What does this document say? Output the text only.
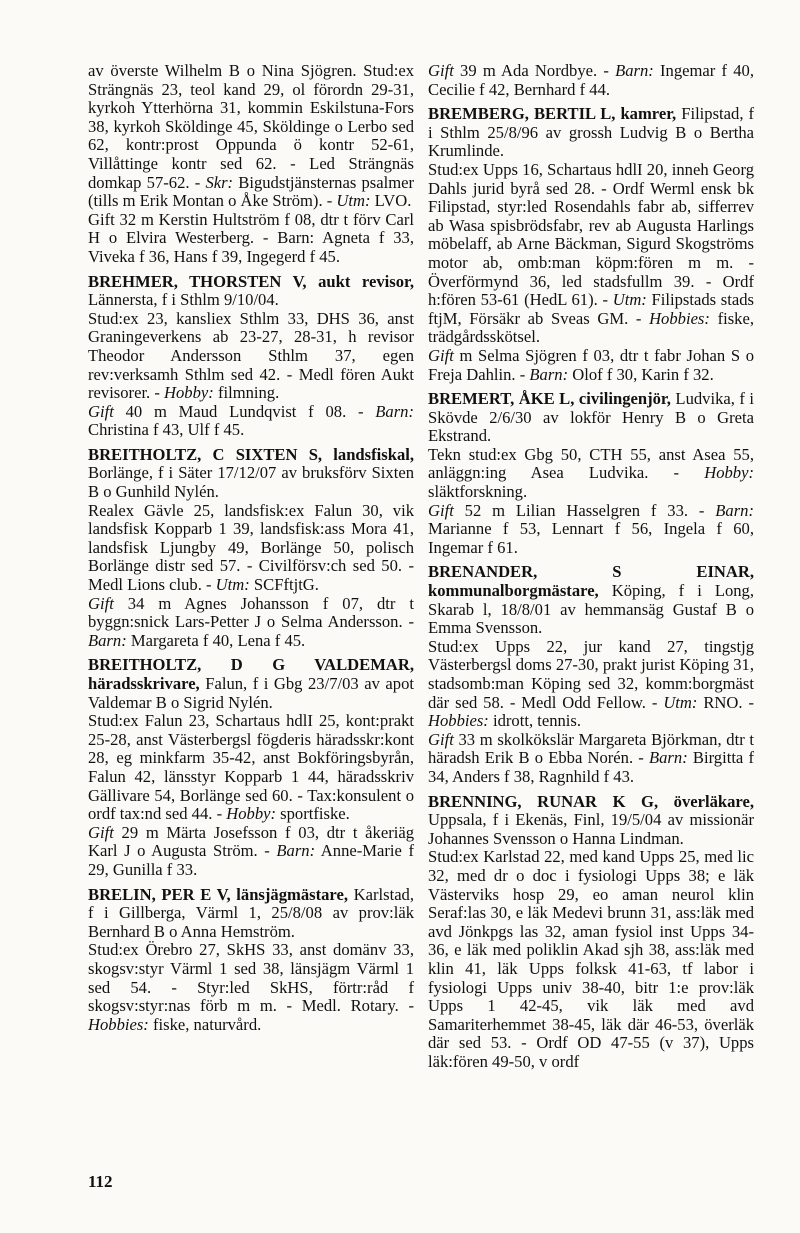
av överste Wilhelm B o Nina Sjögren. Stud:ex Strängnäs 23, teol kand 29, ol förordn 29-31, kyrkoh Ytterhörna 31, kommin Eskilstuna-Fors 38, kyrkoh Sköldinge 45, Sköldinge o Lerbo sed 62, kontr:prost Oppunda ö kontr 52-61, Villåttinge kontr sed 62. - Led Strängnäs domkap 57-62. - Skr: Bigudstjänsternas psalmer (tills m Erik Montan o Åke Ström). - Utm: LVO.

Gift 32 m Kerstin Hultström f 08, dtr t förv Carl H o Elvira Westerberg. - Barn: Agneta f 33, Viveka f 36, Hans f 39, Ingegerd f 45.

BREHMER, THORSTEN V, aukt revisor, Lännersta, f i Sthlm 9/10/04.

Stud:ex 23, kansliex Sthlm 33, DHS 36, anst Graningeverkens ab 23-27, 28-31, h revisor Theodor Andersson Sthlm 37, egen rev:verksamh Sthlm sed 42. - Medl fören Aukt revisorer. - Hobby: filmning.

Gift 40 m Maud Lundqvist f 08. - Barn: Christina f 43, Ulf f 45.

BREITHOLTZ, C SIXTEN S, landsfiskal, Borlänge, f i Säter 17/12/07 av bruksförv Sixten B o Gunhild Nylén.

Realex Gävle 25, landsfisk:ex Falun 30, vik landsfisk Kopparb 1 39, landsfisk:ass Mora 41, landsfisk Ljungby 49, Borlänge 50, polisch Borlänge distr sed 57. - Civilförsv:ch sed 50. - Medl Lions club. - Utm: SCFftjtG.

Gift 34 m Agnes Johansson f 07, dtr t byggn:snick Lars-Petter J o Selma Andersson. - Barn: Margareta f 40, Lena f 45.

BREITHOLTZ, D G VALDEMAR, häradsskrivare, Falun, f i Gbg 23/7/03 av apot Valdemar B o Sigrid Nylén.

Stud:ex Falun 23, Schartaus hdlI 25, kont:prakt 25-28, anst Västerbergsl fögderis häradsskr:kont 28, eg minkfarm 35-42, anst Bokföringsbyrån, Falun 42, länsstyr Kopparb 1 44, häradsskriv Gällivare 54, Borlänge sed 60. - Tax:konsulent o ordf tax:nd sed 44. - Hobby: sportfiske.

Gift 29 m Märta Josefsson f 03, dtr t åkeriäg Karl J o Augusta Ström. - Barn: Anne-Marie f 29, Gunilla f 33.

BRELIN, PER E V, länsjägmästare, Karlstad, f i Gillberga, Värml 1, 25/8/08 av prov:läk Bernhard B o Anna Hemström.

Stud:ex Örebro 27, SkHS 33, anst domänv 33, skogsv:styr Värml 1 sed 38, länsjägm Värml 1 sed 54. - Styr:led SkHS, förtr:råd f skogsv:styr:nas förb m m. - Medl. Rotary. - Hobbies: fiske, naturvård.

Gift 39 m Ada Nordbye. - Barn: Ingemar f 40, Cecilie f 42, Bernhard f 44.

BREMBERG, BERTIL L, kamrer, Filipstad, f i Sthlm 25/8/96 av grossh Ludvig B o Bertha Krumlinde.

Stud:ex Upps 16, Schartaus hdlI 20, inneh Georg Dahls jurid byrå sed 28. - Ordf Werml ensk bk Filipstad, styr:led Rosendahls fabr ab, sifferrev ab Wasa spisbrödsfabr, rev ab Augusta Harlings möbelaff, ab Arne Bäckman, Sigurd Skogströms motor ab, omb:man köpm:fören m m. - Överförmynd 36, led stadsfullm 39. - Ordf h:fören 53-61 (HedL 61). - Utm: Filipstads stads ftjM, Försäkr ab Sveas GM. - Hobbies: fiske, trädgårdsskötsel.

Gift m Selma Sjögren f 03, dtr t fabr Johan S o Freja Dahlin. - Barn: Olof f 30, Karin f 32.

BREMERT, ÅKE L, civilingenjör, Ludvika, f i Skövde 2/6/30 av lokför Henry B o Greta Ekstrand.

Tekn stud:ex Gbg 50, CTH 55, anst Asea 55, anläggn:ing Asea Ludvika. - Hobby: släktforskning.

Gift 52 m Lilian Hasselgren f 33. - Barn: Marianne f 53, Lennart f 56, Ingela f 60, Ingemar f 61.

BRENANDER, S EINAR, kommunalborgmästare, Köping, f i Long, Skarab l, 18/8/01 av hemmansäg Gustaf B o Emma Svensson.

Stud:ex Upps 22, jur kand 27, tingstjg Västerbergsl doms 27-30, prakt jurist Köping 31, stadsomb:man Köping sed 32, komm:borgmäst där sed 58. - Medl Odd Fellow. - Utm: RNO. - Hobbies: idrott, tennis.

Gift 33 m skolkökslär Margareta Björkman, dtr t häradsh Erik B o Ebba Norén. - Barn: Birgitta f 34, Anders f 38, Ragnhild f 43.

BRENNING, RUNAR K G, överläkare, Uppsala, f i Ekenäs, Finl, 19/5/04 av missionär Johannes Svensson o Hanna Lindman.

Stud:ex Karlstad 22, med kand Upps 25, med lic 32, med dr o doc i fysiologi Upps 38; e läk Västerviks hosp 29, eo aman neurol klin Seraf:las 30, e läk Medevi brunn 31, ass:läk med avd Jönkpgs las 32, aman fysiol inst Upps 34-36, e läk med poliklin Akad sjh 38, ass:läk med klin 41, läk Upps folksk 41-63, tf labor i fysiologi Upps univ 38-40, bitr 1:e prov:läk Upps 1 42-45, vik läk med avd Samariterhemmet 38-45, läk där 46-53, överläk där sed 53. - Ordf OD 47-55 (v 37), Upps läk:fören 49-50, v ordf

112
